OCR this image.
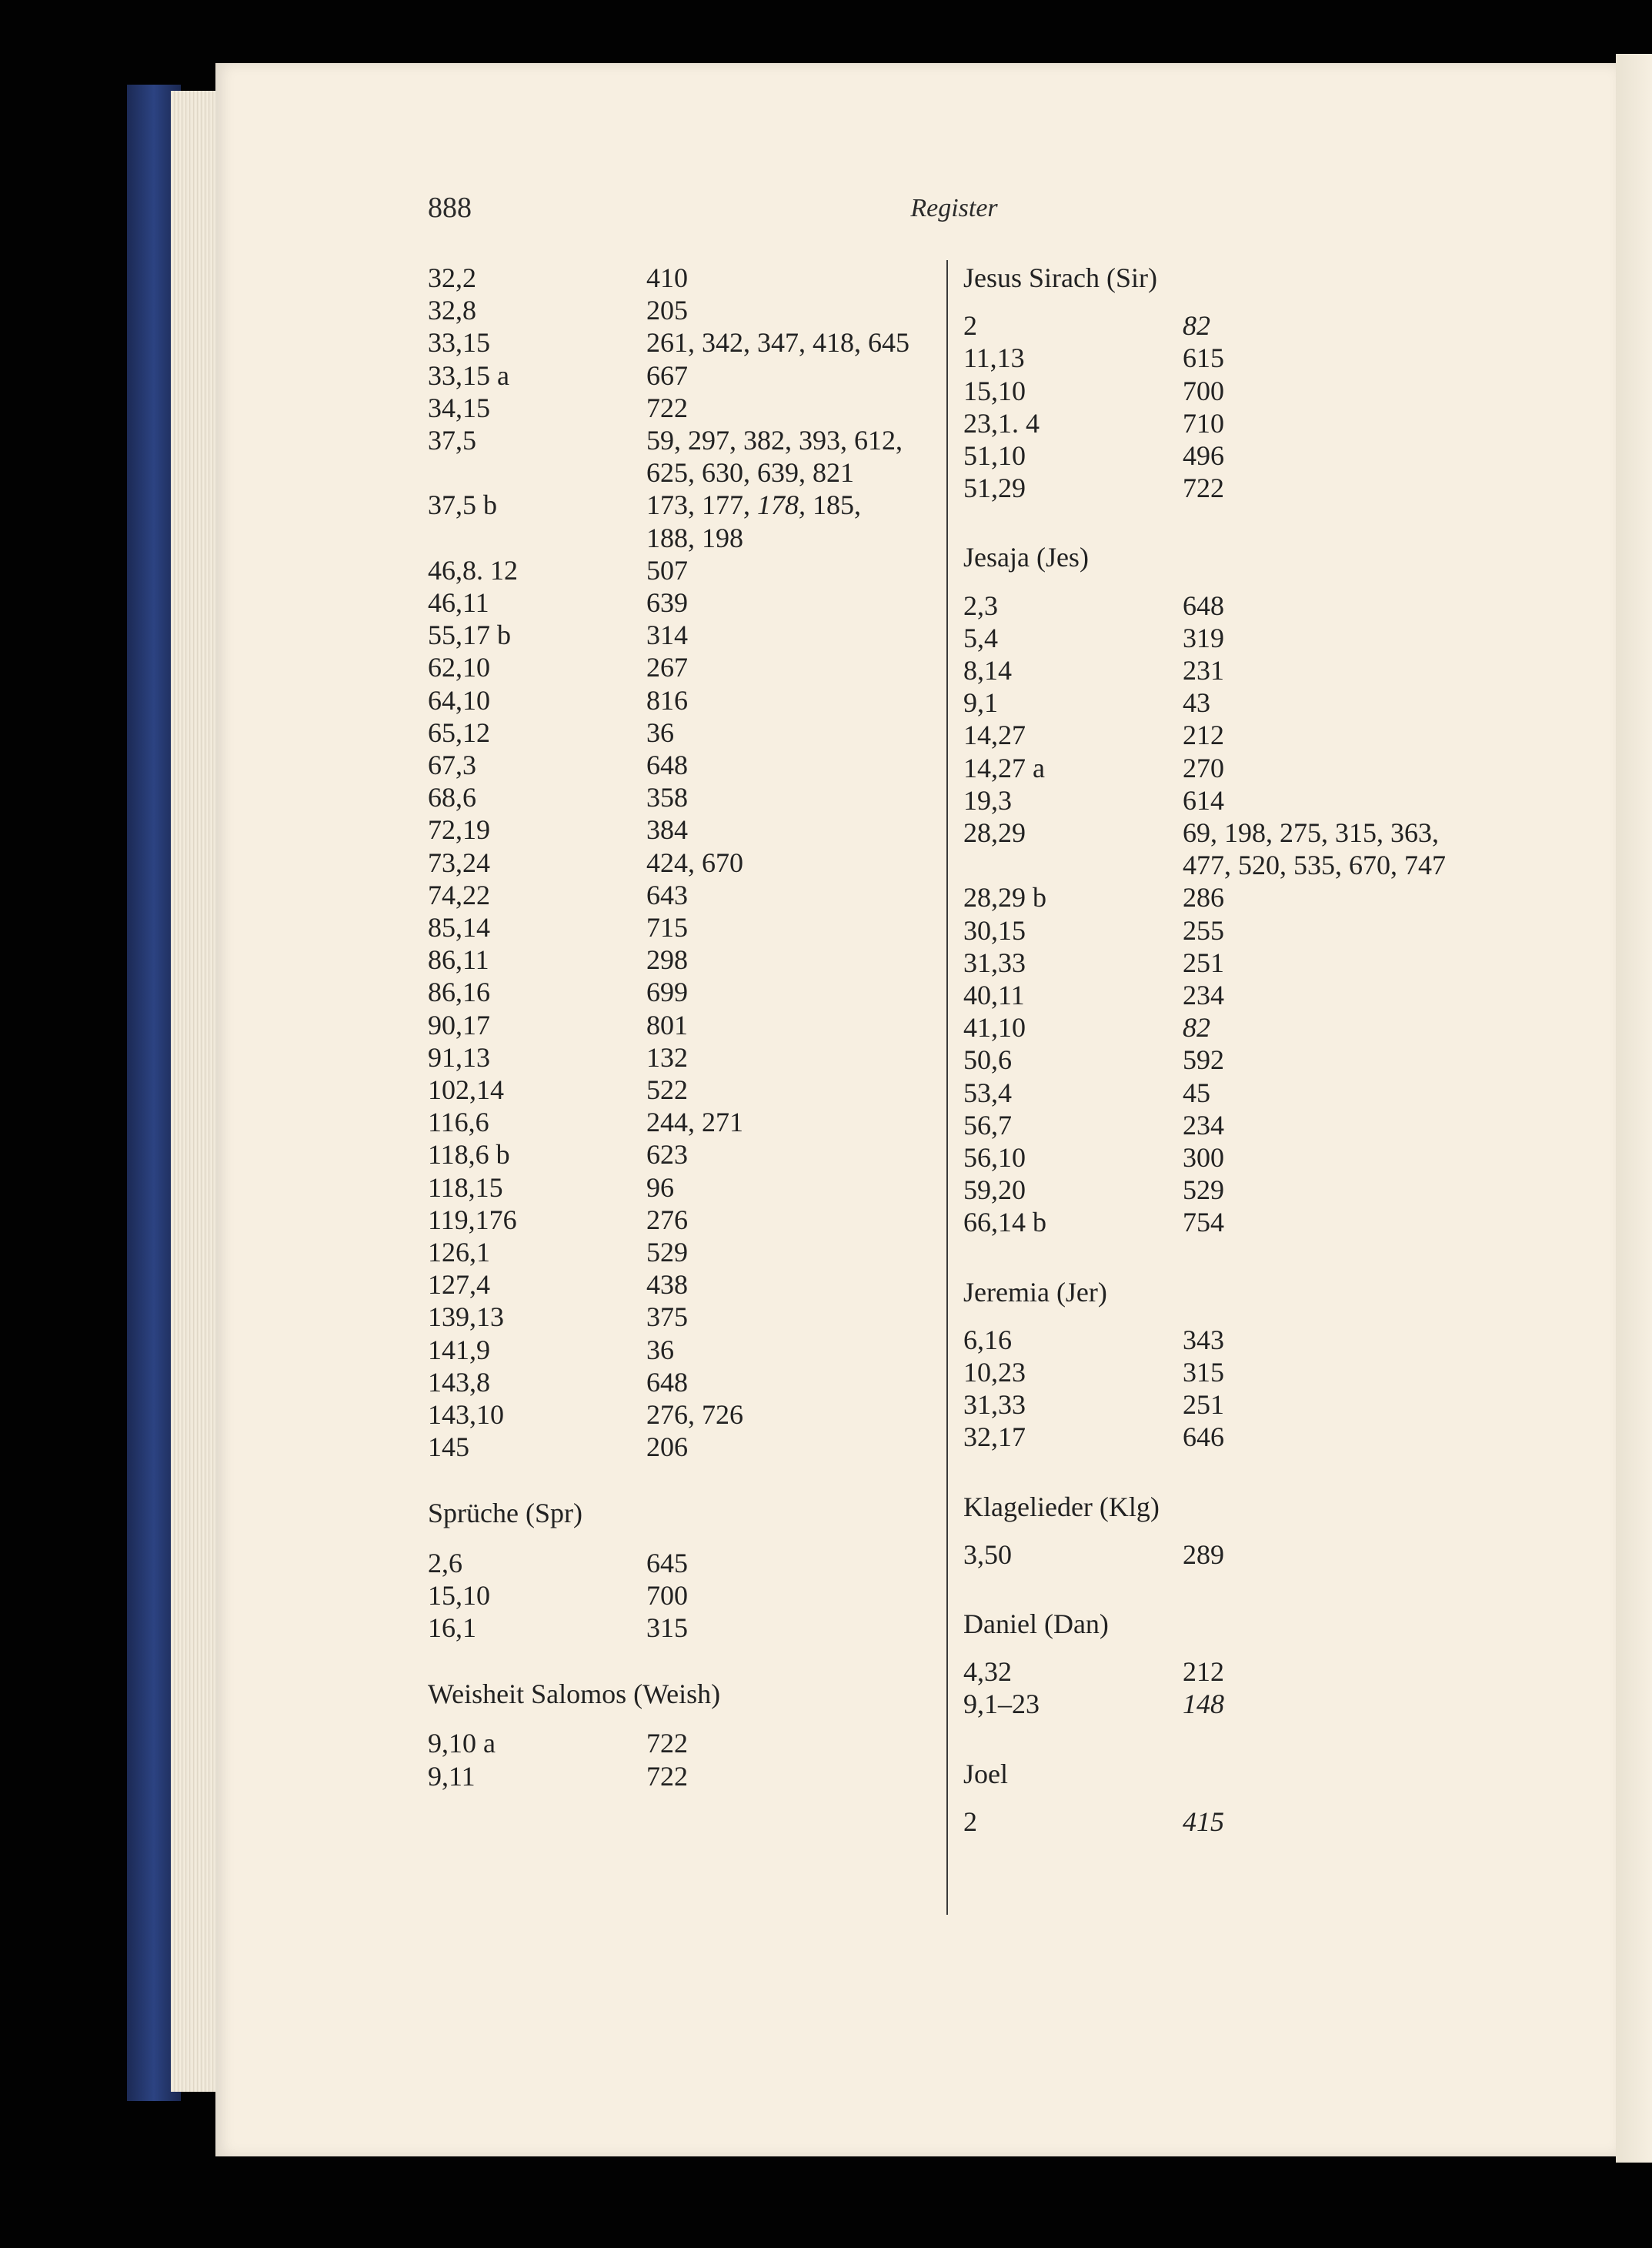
888	Register
32,2	410
32,8	205
33,15	261, 342, 347, 418, 645
33,15 a	667
34,15	722
37,5	59, 297, 382, 393, 612,
625, 630, 639, 821
37,5 b	173, 177, 178, 185,
188, 198
46,8. 12	507
46,11	639
55,17 b	314
62,10	267
64,10	816
65,12	36
67,3	648
68,6	358
72,19	384
73,24	424, 670
74,22	643
85,14	715
86,11	298
86,16	699
90,17	801
91,13	132
102,14	522
116,6	244, 271
118,6 b	623
118,15	96
119,176	276
126,1	529
127,4	438
139,13	375
141,9	36
143,8	648
143,10	276, 726
145	206
Sprüche (Spr)
2,6	645
15,10	700
16,1	315
Weisheit Salomos (Weish)
9,10 a	722
9,11	722
Jesus Sirach (Sir)
2	82
11,13	615
15,10	700
23,1. 4	710
51,10	496
51,29	722
Jesaja (Jes)
2,3	648
5,4	319
8,14	231
9,1	43
14,27	212
14,27 a	270
19,3	614
28,29	69, 198, 275, 315, 363,
477, 520, 535, 670, 747
28,29 b	286
30,15	255
31,33	251
40,11	234
41,10	82
50,6	592
53,4	45
56,7	234
56,10	300
59,20	529
66,14 b	754
Jeremia (Jer)
6,16	343
10,23	315
31,33	251
32,17	646
Klagelieder (Klg)
3,50	289
Daniel (Dan)
4,32	212
9,1–23	148
Joel
2	415
